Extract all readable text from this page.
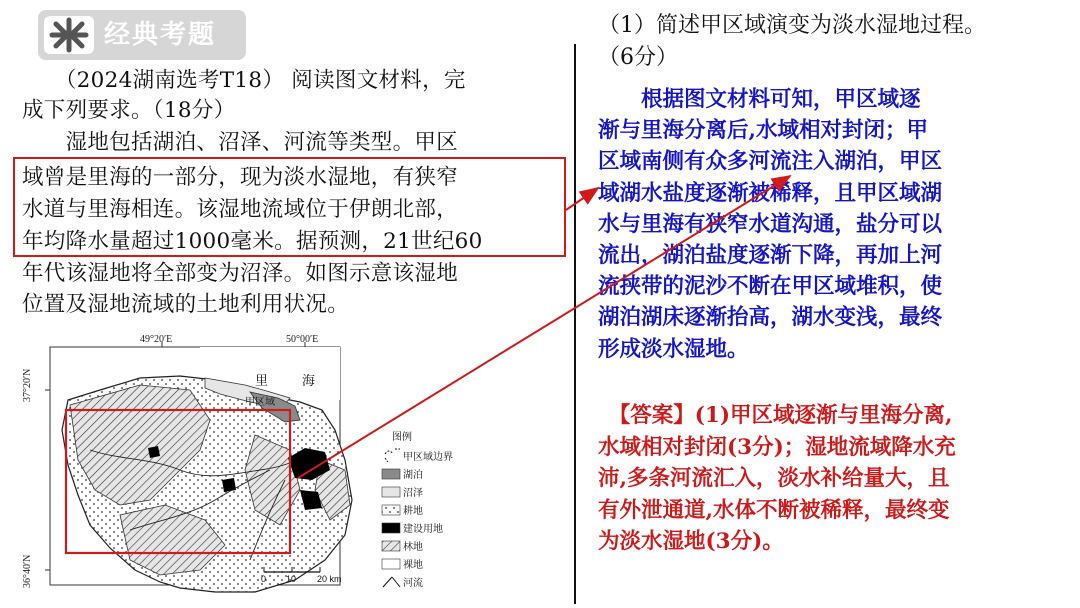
经典考题
　　（2024湖南选考T18） 阅读图文材料，完
成下列要求。（18分）
　　湿地包括湖泊、沼泽、河流等类型。甲区
域曾是里海的一部分，现为淡水湿地，有狭窄
水道与里海相连。该湿地流域位于伊朗北部，
年均降水量超过1000毫米。据预测，21世纪60
年代该湿地将全部变为沼泽。如图示意该湿地
位置及湿地流域的土地利用状况。
49°20′E	50°00′E
37°20′N
36°40′N
里	海
甲区域
0 10 20 km
图例
甲区域边界
湖泊
沼泽
耕地
建设用地
林地
裸地
河流
（1）简述甲区域演变为淡水湿地过程。
（6分）
　　根据图文材料可知，甲区域逐
渐与里海分离后,水域相对封闭；甲
区域南侧有众多河流注入湖泊，甲区
域湖水盐度逐渐被稀释，且甲区域湖
水与里海有狭窄水道沟通，盐分可以
流出，湖泊盐度逐渐下降，再加上河
流挟带的泥沙不断在甲区域堆积，使
湖泊湖床逐渐抬高，湖水变浅，最终
形成淡水湿地。
　【答案】(1)甲区域逐渐与里海分离,
水域相对封闭(3分)；湿地流域降水充
沛,多条河流汇入，淡水补给量大，且
有外泄通道,水体不断被稀释，最终变
为淡水湿地(3分)。
